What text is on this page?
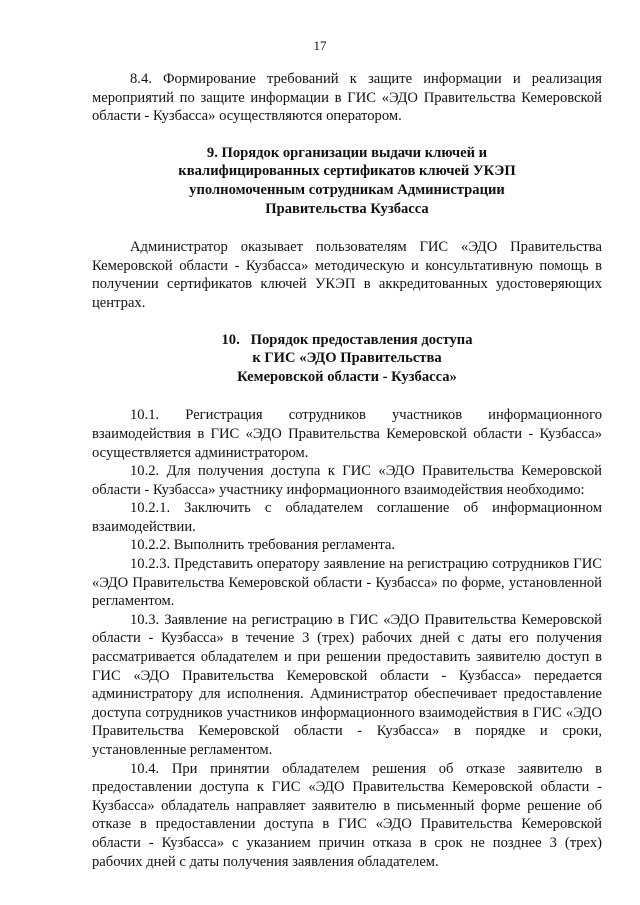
17

8.4. Формирование требований к защите информации и реализация мероприятий по защите информации в ГИС «ЭДО Правительства Кемеровской области - Кузбасса» осуществляются оператором.

9. Порядок организации выдачи ключей и
квалифицированных сертификатов ключей УКЭП
уполномоченным сотрудникам Администрации
Правительства Кузбасса

Администратор оказывает пользователям ГИС «ЭДО Правительства Кемеровской области - Кузбасса» методическую и консультативную помощь в получении сертификатов ключей УКЭП в аккредитованных удостоверяющих центрах.

10.   Порядок предоставления доступа
к ГИС «ЭДО Правительства
Кемеровской области - Кузбасса»

10.1. Регистрация сотрудников участников информационного взаимодействия в ГИС «ЭДО Правительства Кемеровской области - Кузбасса» осуществляется администратором.

10.2. Для получения доступа к ГИС «ЭДО Правительства Кемеровской области - Кузбасса» участнику информационного взаимодействия необходимо:

10.2.1. Заключить с обладателем соглашение об информационном взаимодействии.

10.2.2. Выполнить требования регламента.

10.2.3. Представить оператору заявление на регистрацию сотрудников ГИС «ЭДО Правительства Кемеровской области - Кузбасса» по форме, установленной регламентом.

10.3. Заявление на регистрацию в ГИС «ЭДО Правительства Кемеровской области - Кузбасса» в течение 3 (трех) рабочих дней с даты его получения рассматривается обладателем и при решении предоставить заявителю доступ в ГИС «ЭДО Правительства Кемеровской области - Кузбасса» передается администратору для исполнения. Администратор обеспечивает предоставление доступа сотрудников участников информационного взаимодействия в ГИС «ЭДО Правительства Кемеровской области - Кузбасса» в порядке и сроки, установленные регламентом.

10.4. При принятии обладателем решения об отказе заявителю в предоставлении доступа к ГИС «ЭДО Правительства Кемеровской области - Кузбасса» обладатель направляет заявителю в письменный форме решение об отказе в предоставлении доступа в ГИС «ЭДО Правительства Кемеровской области - Кузбасса» с указанием причин отказа в срок не позднее 3 (трех) рабочих дней с даты получения заявления обладателем.
